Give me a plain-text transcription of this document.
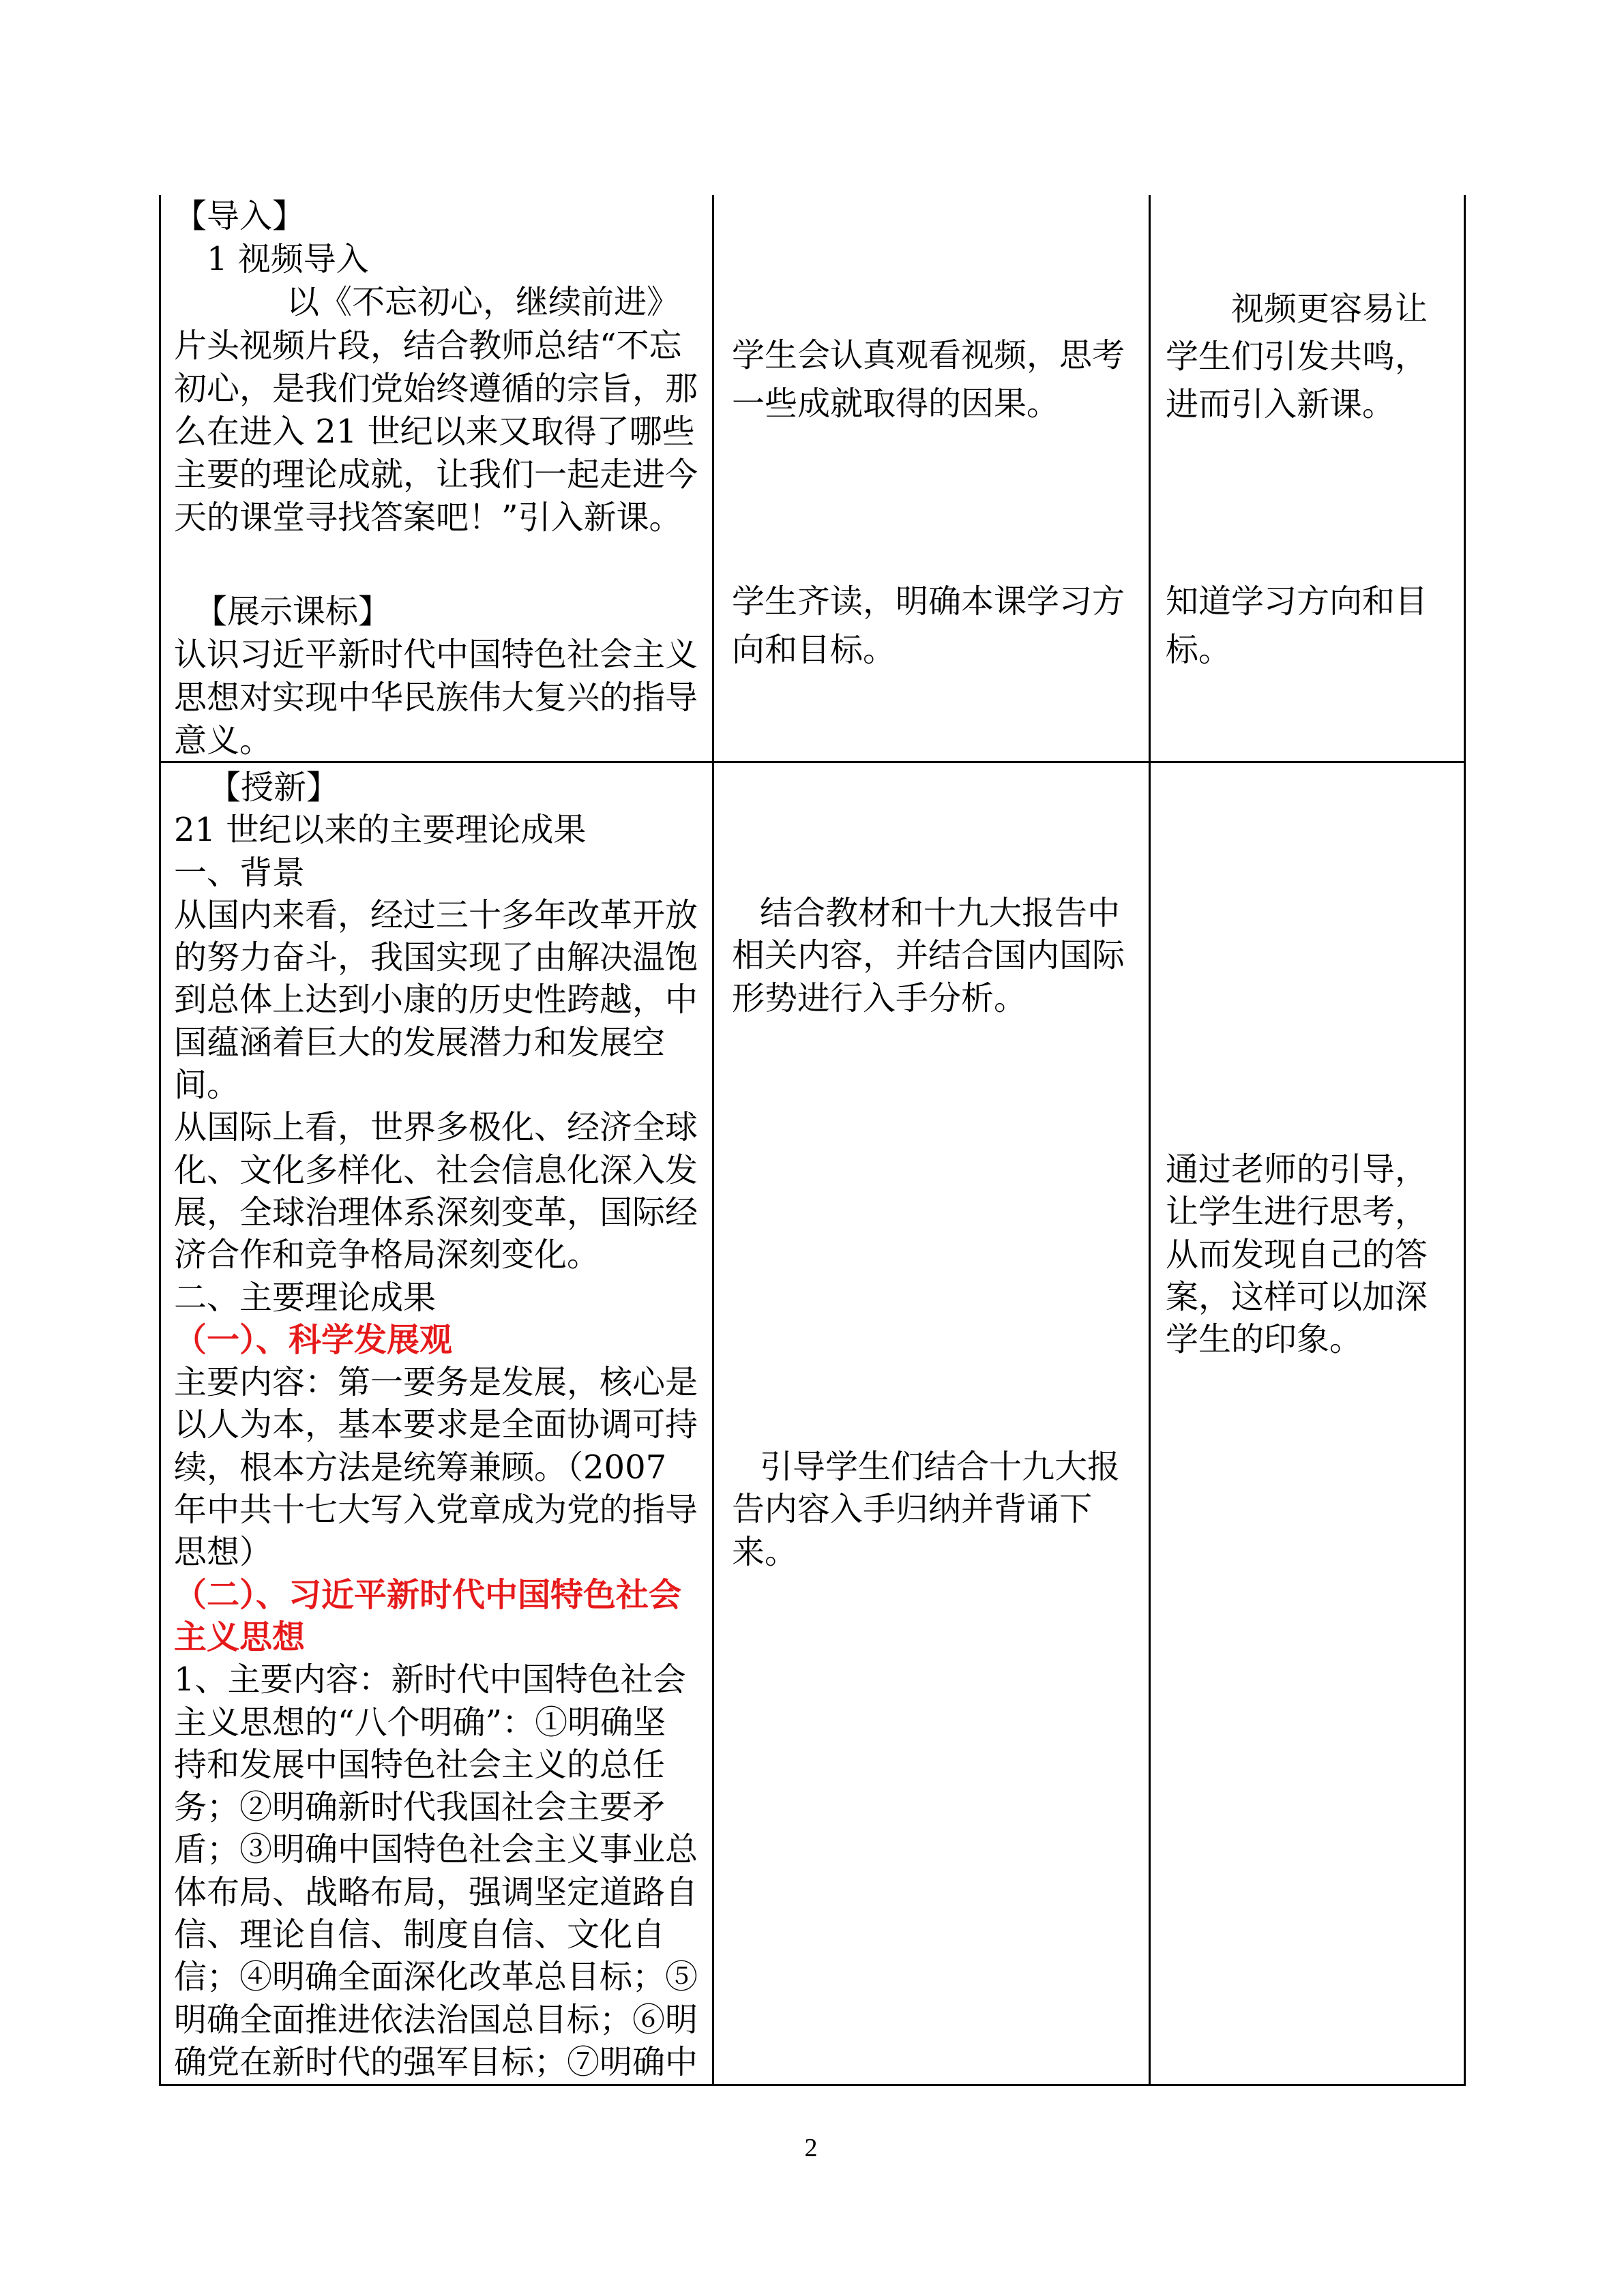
【导入】
1 视频导入
以《不忘初心，继续前进》
片头视频片段，结合教师总结“不忘
初心，是我们党始终遵循的宗旨，那
么在进入 21 世纪以来又取得了哪些
主要的理论成就，让我们一起走进今
天的课堂寻找答案吧！”引入新课。
【展示课标】
认识习近平新时代中国特色社会主义
思想对实现中华民族伟大复兴的指导
意义。
学生会认真观看视频，思考
一些成就取得的因果。
学生齐读，明确本课学习方
向和目标。
视频更容易让
学生们引发共鸣，
进而引入新课。
知道学习方向和目
标。
【授新】
21 世纪以来的主要理论成果
一、背景
从国内来看，经过三十多年改革开放
的努力奋斗，我国实现了由解决温饱
到总体上达到小康的历史性跨越，中
国蕴涵着巨大的发展潜力和发展空
间。
从国际上看，世界多极化、经济全球
化、文化多样化、社会信息化深入发
展，全球治理体系深刻变革，国际经
济合作和竞争格局深刻变化。
二、主要理论成果
（一）、科学发展观
主要内容：第一要务是发展，核心是
以人为本，基本要求是全面协调可持
续，根本方法是统筹兼顾。（2007
年中共十七大写入党章成为党的指导
思想）
（二）、习近平新时代中国特色社会
主义思想
1、主要内容：新时代中国特色社会
主义思想的“八个明确”：①明确坚
持和发展中国特色社会主义的总任
务；②明确新时代我国社会主要矛
盾；③明确中国特色社会主义事业总
体布局、战略布局，强调坚定道路自
信、理论自信、制度自信、文化自
信；④明确全面深化改革总目标；⑤
明确全面推进依法治国总目标；⑥明
确党在新时代的强军目标；⑦明确中
结合教材和十九大报告中
相关内容，并结合国内国际
形势进行入手分析。
引导学生们结合十九大报
告内容入手归纳并背诵下
来。
通过老师的引导，
让学生进行思考，
从而发现自己的答
案，这样可以加深
学生的印象。
2
